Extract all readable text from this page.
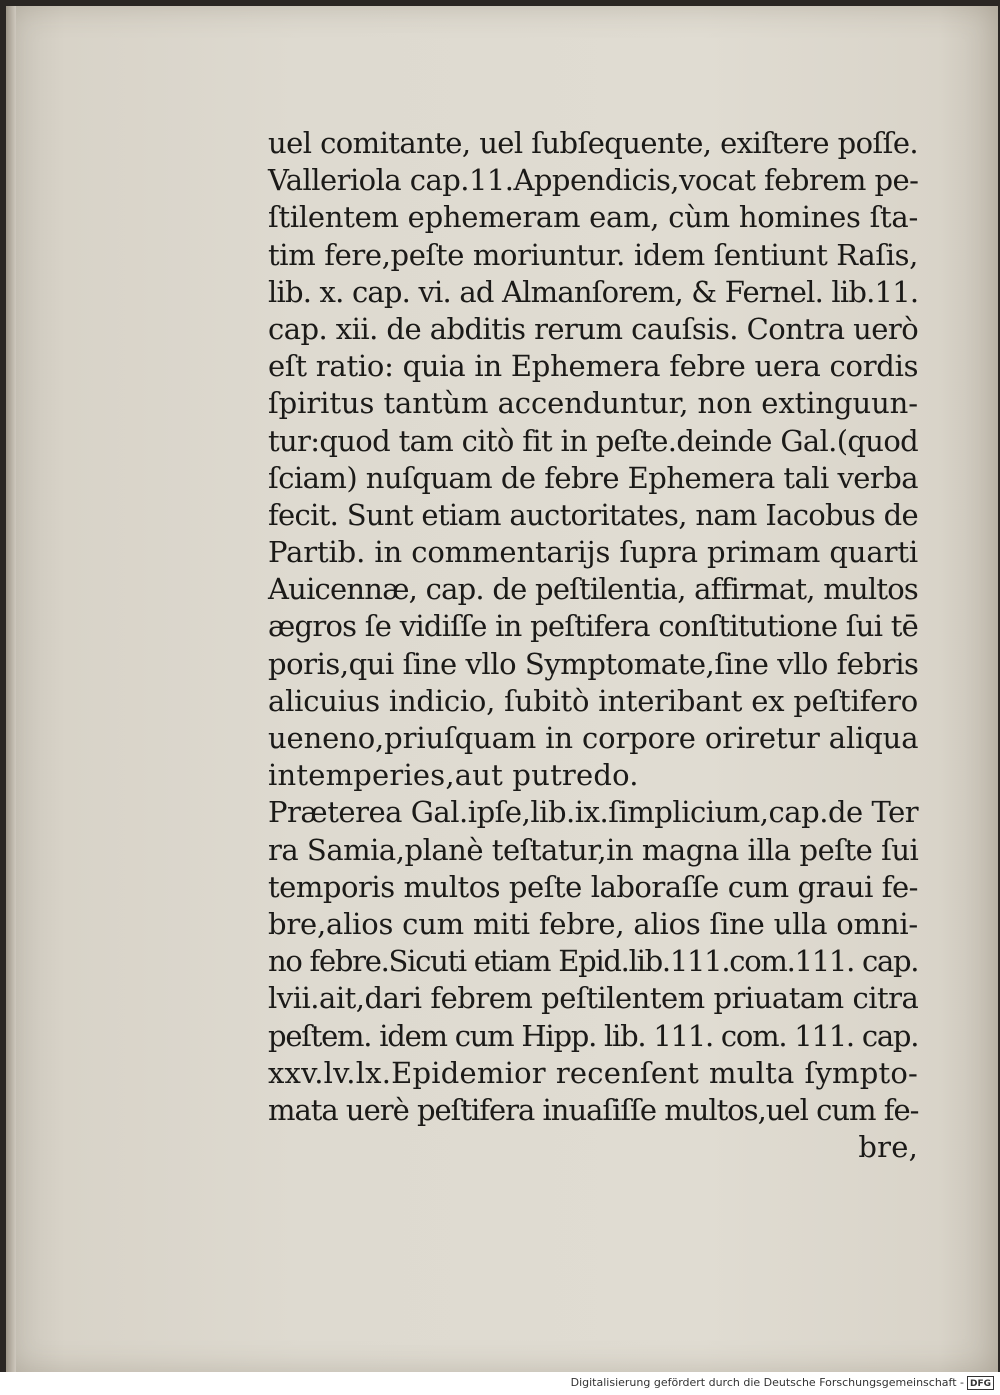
uel comitante, uel ſubſequente, exiſtere poſſe.
Valleriola cap.11.Appendicis,vocat febrem pe-
ſtilentem ephemeram eam, cùm homines ſta-
tim fere,peſte moriuntur. idem ſentiunt Raſis,
lib. x. cap. vi. ad Almanſorem, & Fernel. lib.11.
cap. xii. de abditis rerum cauſsis. Contra uerò
eſt ratio: quia in Ephemera febre uera cordis
ſpiritus tantùm accenduntur, non extinguun-
tur:quod tam citò fit in peſte.deinde Gal.(quod
ſciam) nuſquam de febre Ephemera tali verba
fecit. Sunt etiam auctoritates, nam Iacobus de
Partib. in commentarijs ſupra primam quarti
Auicennæ, cap. de peſtilentia, affirmat, multos
ægros ſe vidiſſe in peſtifera conſtitutione ſui tē
poris,qui ſine vllo Symptomate,ſine vllo febris
alicuius indicio, ſubitò interibant ex peſtifero
ueneno,priuſquam in corpore oriretur aliqua
intemperies,aut putredo.
Præterea Gal.ipſe,lib.ix.ſimplicium,cap.de Ter
ra Samia,planè teſtatur,in magna illa peſte ſui
temporis multos peſte laboraſſe cum graui fe-
bre,alios cum miti febre, alios ſine ulla omni-
no febre.Sicuti etiam Epid.lib.111.com.111. cap.
lvii.ait,dari febrem peſtilentem priuatam citra
peſtem. idem cum Hipp. lib. 111. com. 111. cap.
xxv.lv.lx.Epidemior recenſent multa ſympto-
mata uerè peſtifera inuaſiſſe multos,uel cum fe-
bre,
Digitalisierung gefördert durch die Deutsche Forschungsgemeinschaft - DFG
